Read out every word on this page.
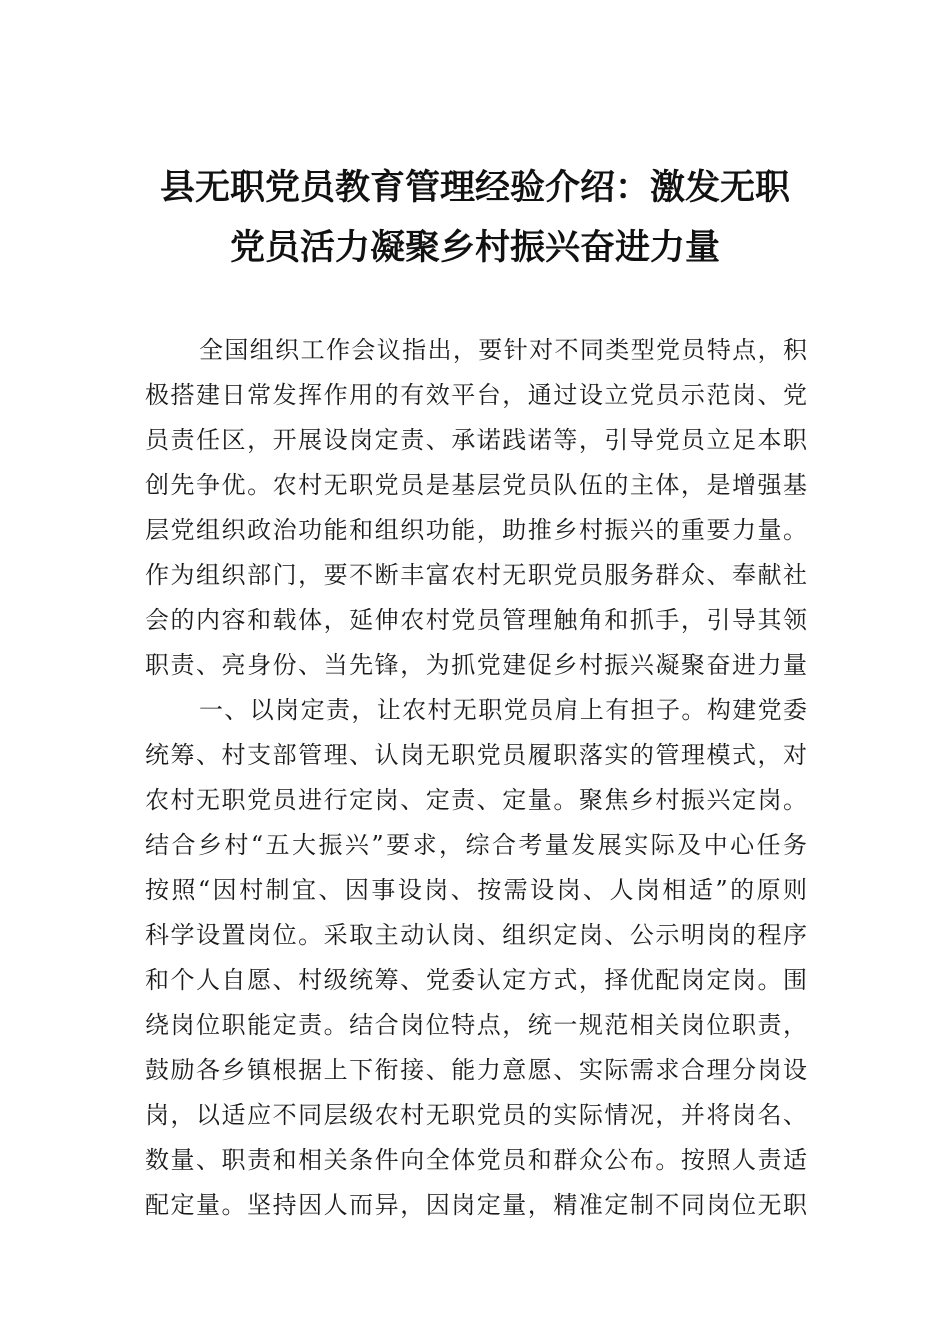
县无职党员教育管理经验介绍：激发无职
党员活力凝聚乡村振兴奋进力量
全国组织工作会议指出，要针对不同类型党员特点，积
极搭建日常发挥作用的有效平台，通过设立党员示范岗、党
员责任区，开展设岗定责、承诺践诺等，引导党员立足本职
创先争优。农村无职党员是基层党员队伍的主体，是增强基
层党组织政治功能和组织功能，助推乡村振兴的重要力量。
作为组织部门，要不断丰富农村无职党员服务群众、奉献社
会的内容和载体，延伸农村党员管理触角和抓手，引导其领
职责、亮身份、当先锋，为抓党建促乡村振兴凝聚奋进力量
一、以岗定责，让农村无职党员肩上有担子。构建党委
统筹、村支部管理、认岗无职党员履职落实的管理模式，对
农村无职党员进行定岗、定责、定量。聚焦乡村振兴定岗。
结合乡村“五大振兴”要求，综合考量发展实际及中心任务
按照“因村制宜、因事设岗、按需设岗、人岗相适”的原则
科学设置岗位。采取主动认岗、组织定岗、公示明岗的程序
和个人自愿、村级统筹、党委认定方式，择优配岗定岗。围
绕岗位职能定责。结合岗位特点，统一规范相关岗位职责，
鼓励各乡镇根据上下衔接、能力意愿、实际需求合理分岗设
岗，以适应不同层级农村无职党员的实际情况，并将岗名、
数量、职责和相关条件向全体党员和群众公布。按照人责适
配定量。坚持因人而异，因岗定量，精准定制不同岗位无职
